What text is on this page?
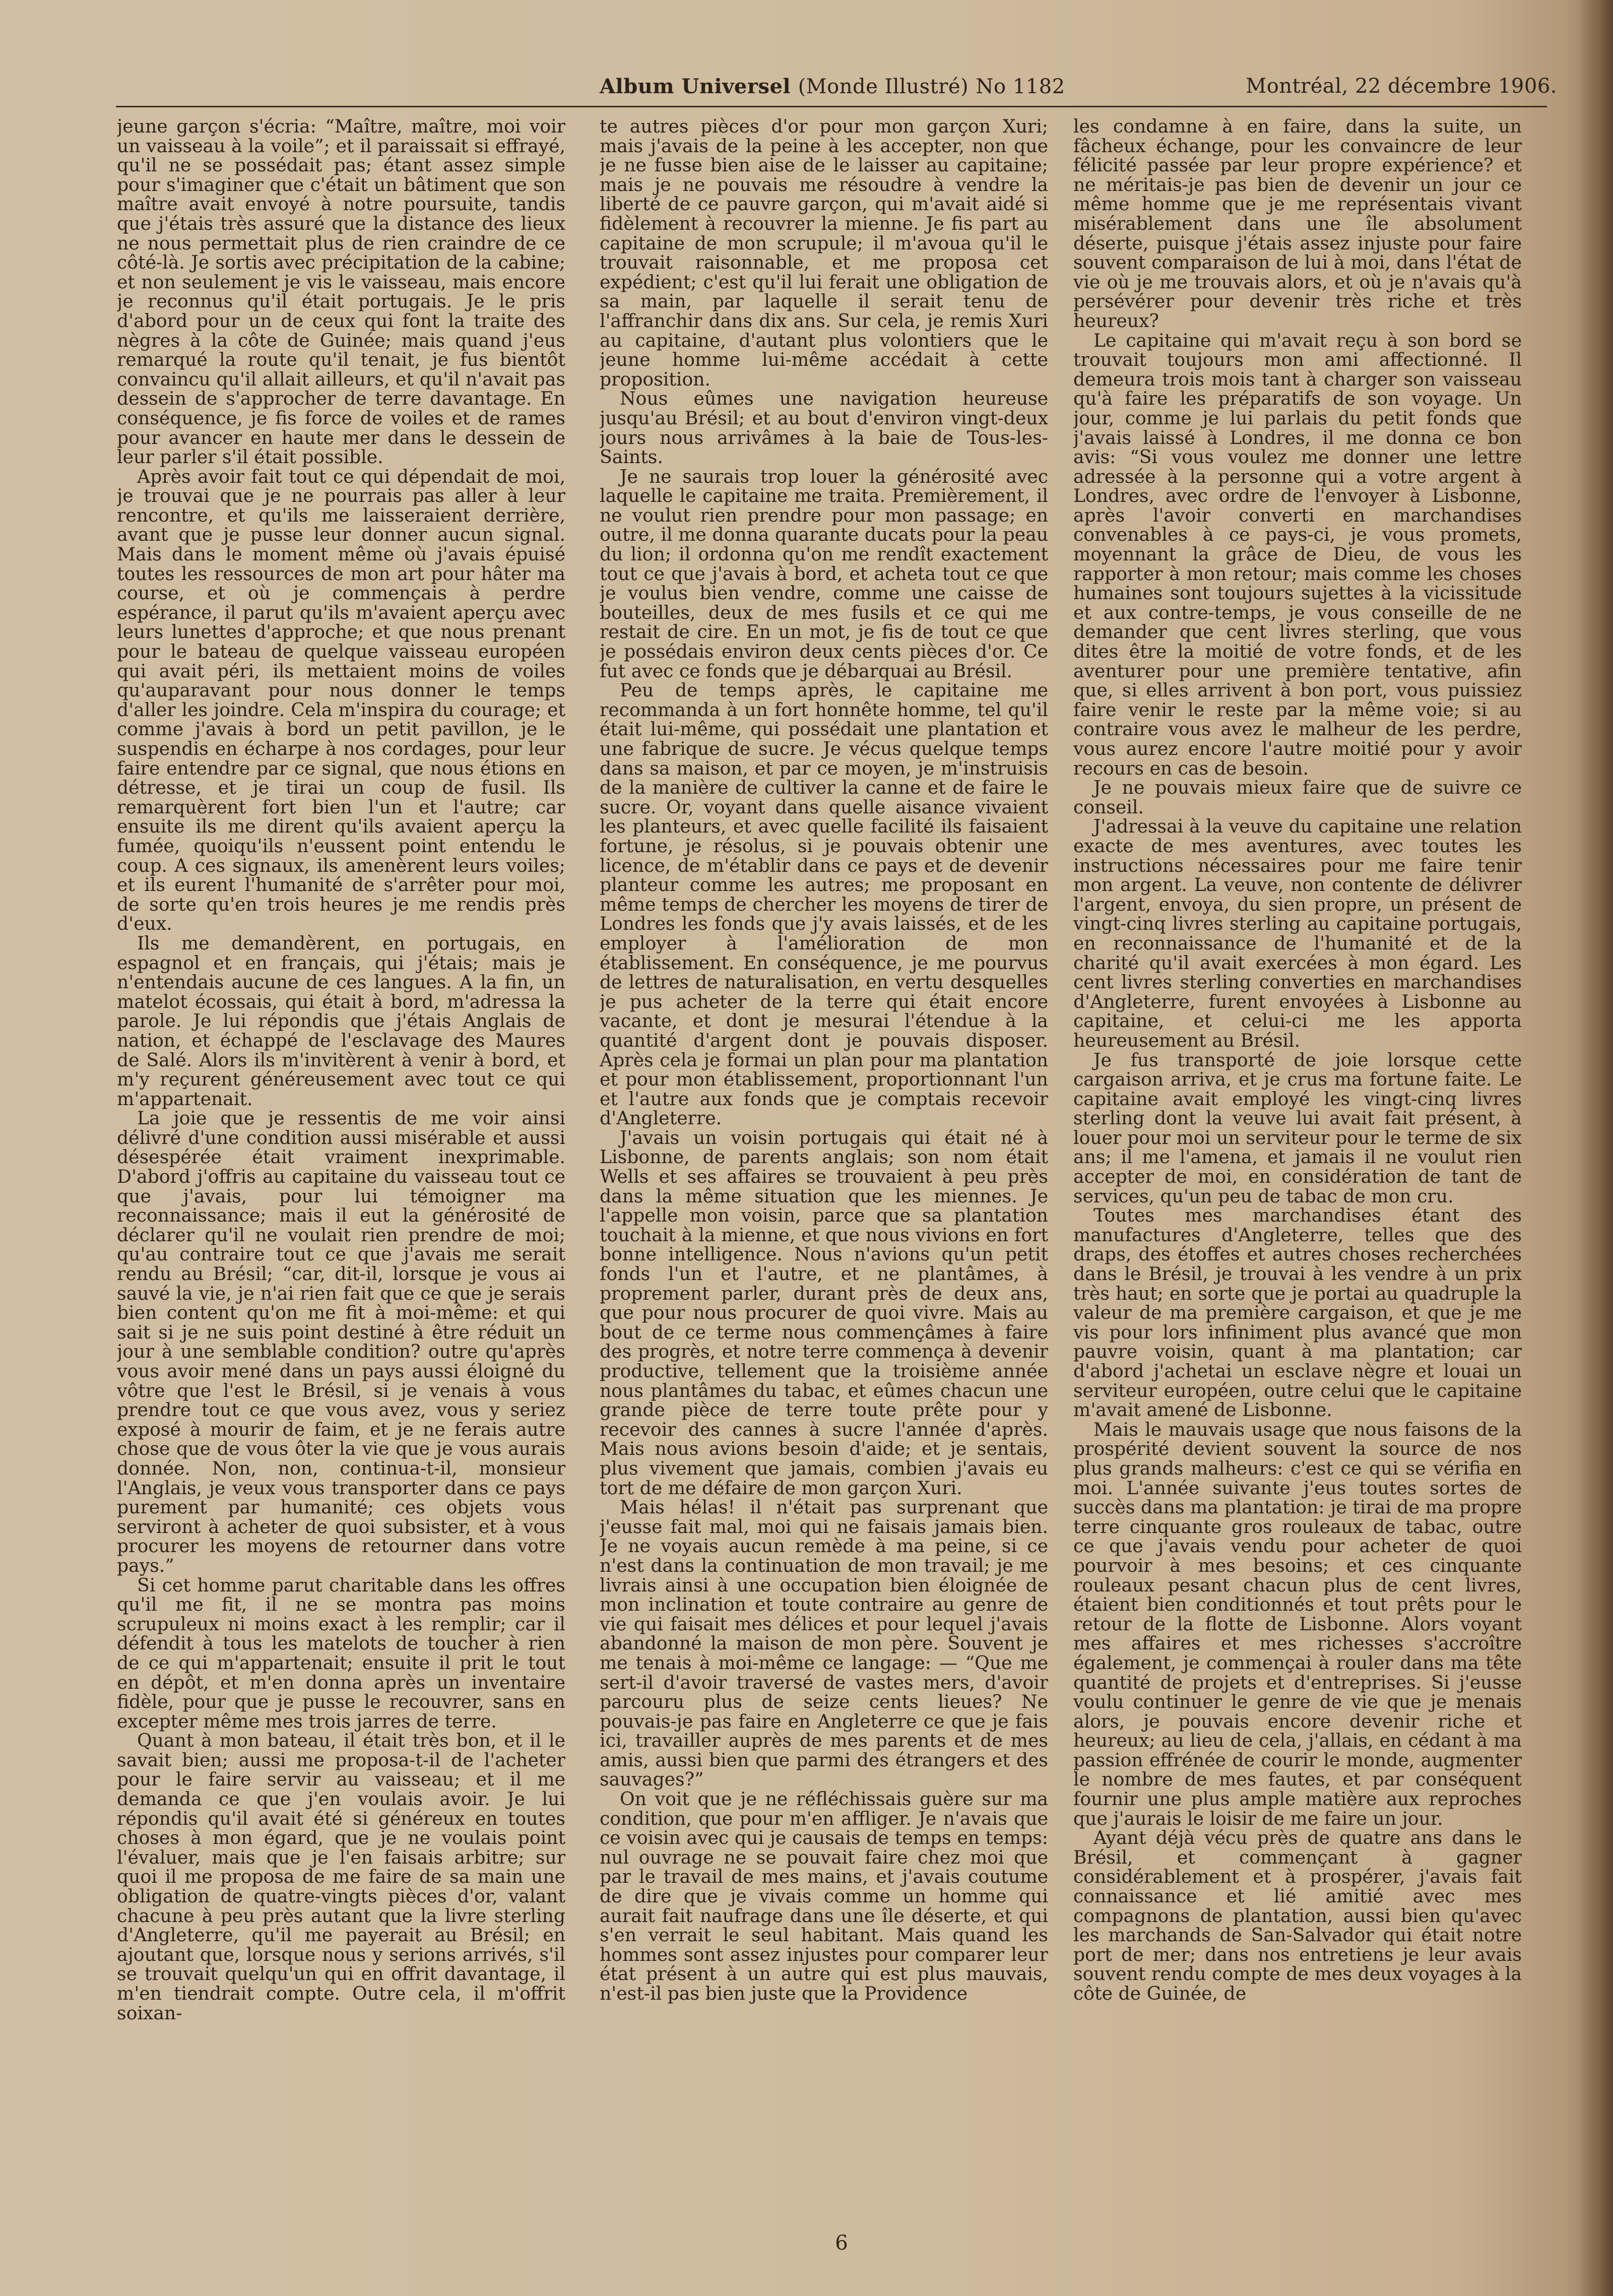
Album Universel (Monde Illustré) No 1182	Montréal, 22 décembre 1906.

jeune garçon s'écria: “Maître, maître, moi voir un vaisseau à la voile”; et il paraissait si effrayé, qu'il ne se possédait pas; étant assez simple pour s'imaginer que c'était un bâtiment que son maître avait envoyé à notre poursuite, tandis que j'étais très assuré que la distance des lieux ne nous permettait plus de rien craindre de ce côté-là. Je sortis avec précipitation de la cabine; et non seulement je vis le vaisseau, mais encore je reconnus qu'il était portugais. Je le pris d'abord pour un de ceux qui font la traite des nègres à la côte de Guinée; mais quand j'eus remarqué la route qu'il tenait, je fus bientôt convaincu qu'il allait ailleurs, et qu'il n'avait pas dessein de s'approcher de terre davantage. En conséquence, je fis force de voiles et de rames pour avancer en haute mer dans le dessein de leur parler s'il était possible.

Après avoir fait tout ce qui dépendait de moi, je trouvai que je ne pourrais pas aller à leur rencontre, et qu'ils me laisseraient derrière, avant que je pusse leur donner aucun signal. Mais dans le moment même où j'avais épuisé toutes les ressources de mon art pour hâter ma course, et où je commençais à perdre espérance, il parut qu'ils m'avaient aperçu avec leurs lunettes d'approche; et que nous prenant pour le bateau de quelque vaisseau européen qui avait péri, ils mettaient moins de voiles qu'auparavant pour nous donner le temps d'aller les joindre. Cela m'inspira du courage; et comme j'avais à bord un petit pavillon, je le suspendis en écharpe à nos cordages, pour leur faire entendre par ce signal, que nous étions en détresse, et je tirai un coup de fusil. Ils remarquèrent fort bien l'un et l'autre; car ensuite ils me dirent qu'ils avaient aperçu la fumée, quoiqu'ils n'eussent point entendu le coup. A ces signaux, ils amenèrent leurs voiles; et ils eurent l'humanité de s'arrêter pour moi, de sorte qu'en trois heures je me rendis près d'eux.

Ils me demandèrent, en portugais, en espagnol et en français, qui j'étais; mais je n'entendais aucune de ces langues. A la fin, un matelot écossais, qui était à bord, m'adressa la parole. Je lui répondis que j'étais Anglais de nation, et échappé de l'esclavage des Maures de Salé. Alors ils m'invitèrent à venir à bord, et m'y reçurent généreusement avec tout ce qui m'appartenait.

La joie que je ressentis de me voir ainsi délivré d'une condition aussi misérable et aussi désespérée était vraiment inexprimable. D'abord j'offris au capitaine du vaisseau tout ce que j'avais, pour lui témoigner ma reconnaissance; mais il eut la générosité de déclarer qu'il ne voulait rien prendre de moi; qu'au contraire tout ce que j'avais me serait rendu au Brésil; “car, dit-il, lorsque je vous ai sauvé la vie, je n'ai rien fait que ce que je serais bien content qu'on me fit à moi-même: et qui sait si je ne suis point destiné à être réduit un jour à une semblable condition? outre qu'après vous avoir mené dans un pays aussi éloigné du vôtre que l'est le Brésil, si je venais à vous prendre tout ce que vous avez, vous y seriez exposé à mourir de faim, et je ne ferais autre chose que de vous ôter la vie que je vous aurais donnée. Non, non, continua-t-il, monsieur l'Anglais, je veux vous transporter dans ce pays purement par humanité; ces objets vous serviront à acheter de quoi subsister, et à vous procurer les moyens de retourner dans votre pays.”

Si cet homme parut charitable dans les offres qu'il me fit, il ne se montra pas moins scrupuleux ni moins exact à les remplir; car il défendit à tous les matelots de toucher à rien de ce qui m'appartenait; ensuite il prit le tout en dépôt, et m'en donna après un inventaire fidèle, pour que je pusse le recouvrer, sans en excepter même mes trois jarres de terre.

Quant à mon bateau, il était très bon, et il le savait bien; aussi me proposa-t-il de l'acheter pour le faire servir au vaisseau; et il me demanda ce que j'en voulais avoir. Je lui répondis qu'il avait été si généreux en toutes choses à mon égard, que je ne voulais point l'évaluer, mais que je l'en faisais arbitre; sur quoi il me proposa de me faire de sa main une obligation de quatre-vingts pièces d'or, valant chacune à peu près autant que la livre sterling d'Angleterre, qu'il me payerait au Brésil; en ajoutant que, lorsque nous y serions arrivés, s'il se trouvait quelqu'un qui en offrit davantage, il m'en tiendrait compte. Outre cela, il m'offrit soixan-

te autres pièces d'or pour mon garçon Xuri; mais j'avais de la peine à les accepter, non que je ne fusse bien aise de le laisser au capitaine; mais je ne pouvais me résoudre à vendre la liberté de ce pauvre garçon, qui m'avait aidé si fidèlement à recouvrer la mienne. Je fis part au capitaine de mon scrupule; il m'avoua qu'il le trouvait raisonnable, et me proposa cet expédient; c'est qu'il lui ferait une obligation de sa main, par laquelle il serait tenu de l'affranchir dans dix ans. Sur cela, je remis Xuri au capitaine, d'autant plus volontiers que le jeune homme lui-même accédait à cette proposition.

Nous eûmes une navigation heureuse jusqu'au Brésil; et au bout d'environ vingt-deux jours nous arrivâmes à la baie de Tous-les-Saints.

Je ne saurais trop louer la générosité avec laquelle le capitaine me traita. Premièrement, il ne voulut rien prendre pour mon passage; en outre, il me donna quarante ducats pour la peau du lion; il ordonna qu'on me rendît exactement tout ce que j'avais à bord, et acheta tout ce que je voulus bien vendre, comme une caisse de bouteilles, deux de mes fusils et ce qui me restait de cire. En un mot, je fis de tout ce que je possédais environ deux cents pièces d'or. Ce fut avec ce fonds que je débarquai au Brésil.

Peu de temps après, le capitaine me recommanda à un fort honnête homme, tel qu'il était lui-même, qui possédait une plantation et une fabrique de sucre. Je vécus quelque temps dans sa maison, et par ce moyen, je m'instruisis de la manière de cultiver la canne et de faire le sucre. Or, voyant dans quelle aisance vivaient les planteurs, et avec quelle facilité ils faisaient fortune, je résolus, si je pouvais obtenir une licence, de m'établir dans ce pays et de devenir planteur comme les autres; me proposant en même temps de chercher les moyens de tirer de Londres les fonds que j'y avais laissés, et de les employer à l'amélioration de mon établissement. En conséquence, je me pourvus de lettres de naturalisation, en vertu desquelles je pus acheter de la terre qui était encore vacante, et dont je mesurai l'étendue à la quantité d'argent dont je pouvais disposer. Après cela je formai un plan pour ma plantation et pour mon établissement, proportionnant l'un et l'autre aux fonds que je comptais recevoir d'Angleterre.

J'avais un voisin portugais qui était né à Lisbonne, de parents anglais; son nom était Wells et ses affaires se trouvaient à peu près dans la même situation que les miennes. Je l'appelle mon voisin, parce que sa plantation touchait à la mienne, et que nous vivions en fort bonne intelligence. Nous n'avions qu'un petit fonds l'un et l'autre, et ne plantâmes, à proprement parler, durant près de deux ans, que pour nous procurer de quoi vivre. Mais au bout de ce terme nous commençâmes à faire des progrès, et notre terre commença à devenir productive, tellement que la troisième année nous plantâmes du tabac, et eûmes chacun une grande pièce de terre toute prête pour y recevoir des cannes à sucre l'année d'après. Mais nous avions besoin d'aide; et je sentais, plus vivement que jamais, combien j'avais eu tort de me défaire de mon garçon Xuri.

Mais hélas! il n'était pas surprenant que j'eusse fait mal, moi qui ne faisais jamais bien. Je ne voyais aucun remède à ma peine, si ce n'est dans la continuation de mon travail; je me livrais ainsi à une occupation bien éloignée de mon inclination et toute contraire au genre de vie qui faisait mes délices et pour lequel j'avais abandonné la maison de mon père. Souvent je me tenais à moi-même ce langage: — “Que me sert-il d'avoir traversé de vastes mers, d'avoir parcouru plus de seize cents lieues? Ne pouvais-je pas faire en Angleterre ce que je fais ici, travailler auprès de mes parents et de mes amis, aussi bien que parmi des étrangers et des sauvages?”

On voit que je ne réfléchissais guère sur ma condition, que pour m'en affliger. Je n'avais que ce voisin avec qui je causais de temps en temps: nul ouvrage ne se pouvait faire chez moi que par le travail de mes mains, et j'avais coutume de dire que je vivais comme un homme qui aurait fait naufrage dans une île déserte, et qui s'en verrait le seul habitant. Mais quand les hommes sont assez injustes pour comparer leur état présent à un autre qui est plus mauvais, n'est-il pas bien juste que la Providence

les condamne à en faire, dans la suite, un fâcheux échange, pour les convaincre de leur félicité passée par leur propre expérience? et ne méritais-je pas bien de devenir un jour ce même homme que je me représentais vivant misérablement dans une île absolument déserte, puisque j'étais assez injuste pour faire souvent comparaison de lui à moi, dans l'état de vie où je me trouvais alors, et où je n'avais qu'à persévérer pour devenir très riche et très heureux?

Le capitaine qui m'avait reçu à son bord se trouvait toujours mon ami affectionné. Il demeura trois mois tant à charger son vaisseau qu'à faire les préparatifs de son voyage. Un jour, comme je lui parlais du petit fonds que j'avais laissé à Londres, il me donna ce bon avis: “Si vous voulez me donner une lettre adressée à la personne qui a votre argent à Londres, avec ordre de l'envoyer à Lisbonne, après l'avoir converti en marchandises convenables à ce pays-ci, je vous promets, moyennant la grâce de Dieu, de vous les rapporter à mon retour; mais comme les choses humaines sont toujours sujettes à la vicissitude et aux contre-temps, je vous conseille de ne demander que cent livres sterling, que vous dites être la moitié de votre fonds, et de les aventurer pour une première tentative, afin que, si elles arrivent à bon port, vous puissiez faire venir le reste par la même voie; si au contraire vous avez le malheur de les perdre, vous aurez encore l'autre moitié pour y avoir recours en cas de besoin.

Je ne pouvais mieux faire que de suivre ce conseil.

J'adressai à la veuve du capitaine une relation exacte de mes aventures, avec toutes les instructions nécessaires pour me faire tenir mon argent. La veuve, non contente de délivrer l'argent, envoya, du sien propre, un présent de vingt-cinq livres sterling au capitaine portugais, en reconnaissance de l'humanité et de la charité qu'il avait exercées à mon égard. Les cent livres sterling converties en marchandises d'Angleterre, furent envoyées à Lisbonne au capitaine, et celui-ci me les apporta heureusement au Brésil.

Je fus transporté de joie lorsque cette cargaison arriva, et je crus ma fortune faite. Le capitaine avait employé les vingt-cinq livres sterling dont la veuve lui avait fait présent, à louer pour moi un serviteur pour le terme de six ans; il me l'amena, et jamais il ne voulut rien accepter de moi, en considération de tant de services, qu'un peu de tabac de mon cru.

Toutes mes marchandises étant des manufactures d'Angleterre, telles que des draps, des étoffes et autres choses recherchées dans le Brésil, je trouvai à les vendre à un prix très haut; en sorte que je portai au quadruple la valeur de ma première cargaison, et que je me vis pour lors infiniment plus avancé que mon pauvre voisin, quant à ma plantation; car d'abord j'achetai un esclave nègre et louai un serviteur européen, outre celui que le capitaine m'avait amené de Lisbonne.

Mais le mauvais usage que nous faisons de la prospérité devient souvent la source de nos plus grands malheurs: c'est ce qui se vérifia en moi. L'année suivante j'eus toutes sortes de succès dans ma plantation: je tirai de ma propre terre cinquante gros rouleaux de tabac, outre ce que j'avais vendu pour acheter de quoi pourvoir à mes besoins; et ces cinquante rouleaux pesant chacun plus de cent livres, étaient bien conditionnés et tout prêts pour le retour de la flotte de Lisbonne. Alors voyant mes affaires et mes richesses s'accroître également, je commençai à rouler dans ma tête quantité de projets et d'entreprises. Si j'eusse voulu continuer le genre de vie que je menais alors, je pouvais encore devenir riche et heureux; au lieu de cela, j'allais, en cédant à ma passion effrénée de courir le monde, augmenter le nombre de mes fautes, et par conséquent fournir une plus ample matière aux reproches que j'aurais le loisir de me faire un jour.

Ayant déjà vécu près de quatre ans dans le Brésil, et commençant à gagner considérablement et à prospérer, j'avais fait connaissance et lié amitié avec mes compagnons de plantation, aussi bien qu'avec les marchands de San-Salvador qui était notre port de mer; dans nos entretiens je leur avais souvent rendu compte de mes deux voyages à la côte de Guinée, de

6
